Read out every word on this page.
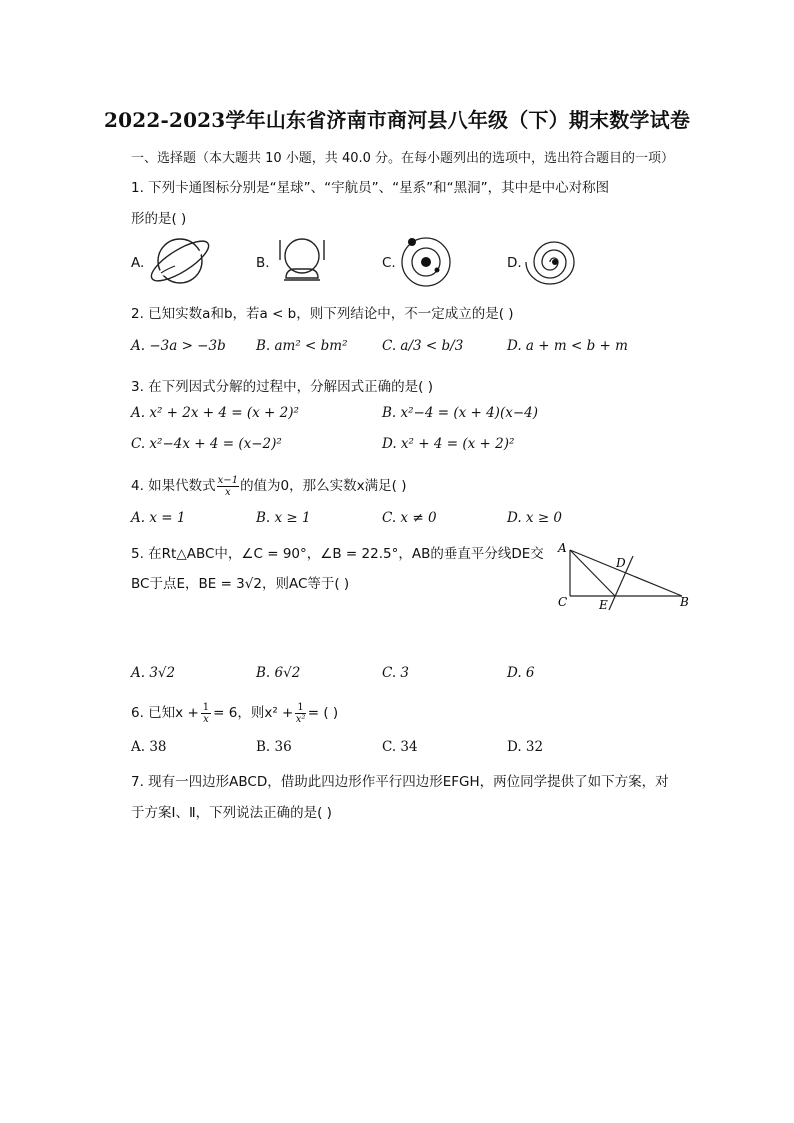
2022-2023学年山东省济南市商河县八年级（下）期末数学试卷
一、选择题（本大题共 10 小题，共 40.0 分。在每小题列出的选项中，选出符合题目的一项）
1. 下列卡通图标分别是“星球”、“宇航员”、“星系”和“黑洞”，其中是中心对称图
形的是( )
A.	B.	C.	D.
2. 已知实数a和b，若a < b，则下列结论中，不一定成立的是( )
A. −3a > −3b B. am² < bm²	C. a/3 < b/3	D. a + m < b + m
3. 在下列因式分解的过程中，分解因式正确的是( )
A. x² + 2x + 4 = (x + 2)²	B. x²−4 = (x + 4)(x−4)
C. x²−4x + 4 = (x−2)²	D. x² + 4 = (x + 2)²
4. 如果代数式 $\frac{x-1}{x}$ 的值为0，那么实数x满足( )
A. x = 1	B. x ≥ 1	C. x ≠ 0	D. x ≥ 0
5. 在Rt△ABC中，∠C = 90°，∠B = 22.5°，AB的垂直平分线DE交
BC于点E，BE = 3√2，则AC等于( )
A
C
D
E	B
A. 3√2	B. 6√2	C. 3	D. 6
6. 已知$x + \frac{1}{x} = 6$，则$x^2 + \frac{1}{\text{x²}}$ = ( )
A. 38	B. 36	C. 34	D. 32
7. 现有一四边形ABCD，借助此四边形作平行四边形EFGH，两位同学提供了如下方案，对
于方案Ⅰ、Ⅱ，下列说法正确的是( )
